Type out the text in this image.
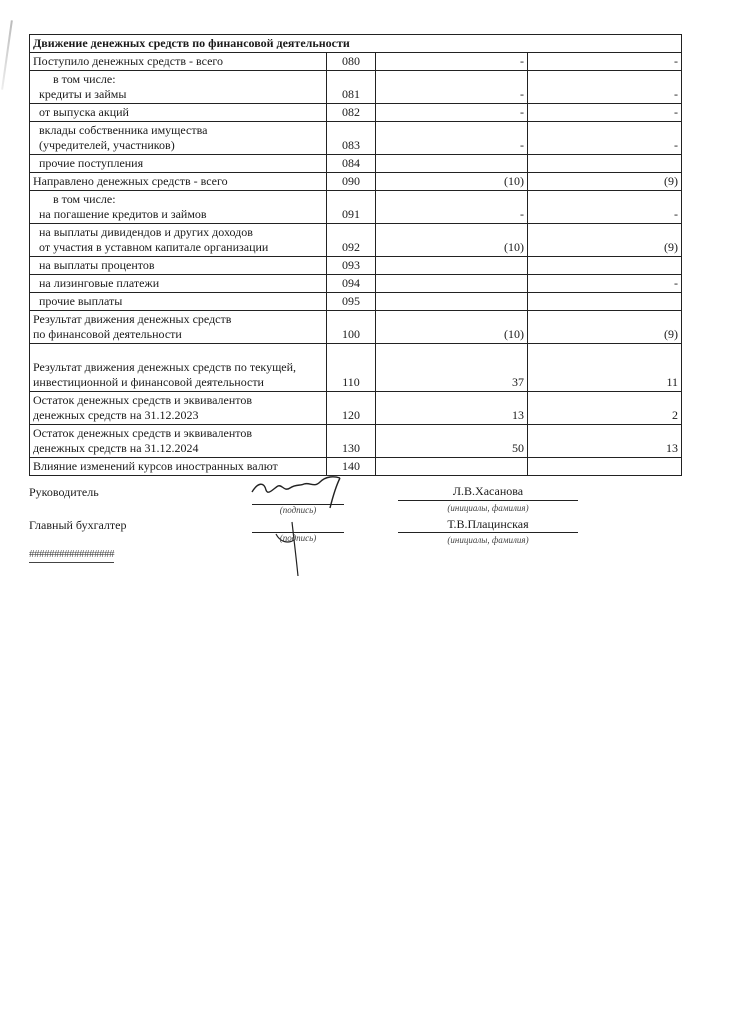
Движение денежных средств по финансовой деятельности			

Поступило денежных средств - всего	080	-	-

в том числе:
кредиты и займы	081	-	-

от выпуска акций	082	-	-

вклады собственника имущества
(учредителей, участников)	083	-	-

прочие поступления	084		

Направлено денежных средств - всего	090	(10)	(9)

в том числе:
на погашение кредитов и займов	091	-	-

на выплаты дивидендов и других доходов
от участия в уставном капитале организации	092	(10)	(9)

на выплаты процентов	093		

на лизинговые платежи	094		-

прочие выплаты	095		

Результат движения денежных средств
по финансовой деятельности	100	(10)	(9)

Результат движения денежных средств по текущей,
инвестиционной и финансовой деятельности	110	37	11

Остаток денежных средств и эквивалентов
денежных средств на 31.12.2023	120	13	2

Остаток денежных средств и эквивалентов
денежных средств на 31.12.2024	130	50	13

Влияние изменений курсов иностранных валют	140		
Руководитель
(подпись)
Л.В.Хасанова
(инициалы, фамилия)
Главный бухгалтер
(подпись)
Т.В.Плацинская
(инициалы, фамилия)
#################
